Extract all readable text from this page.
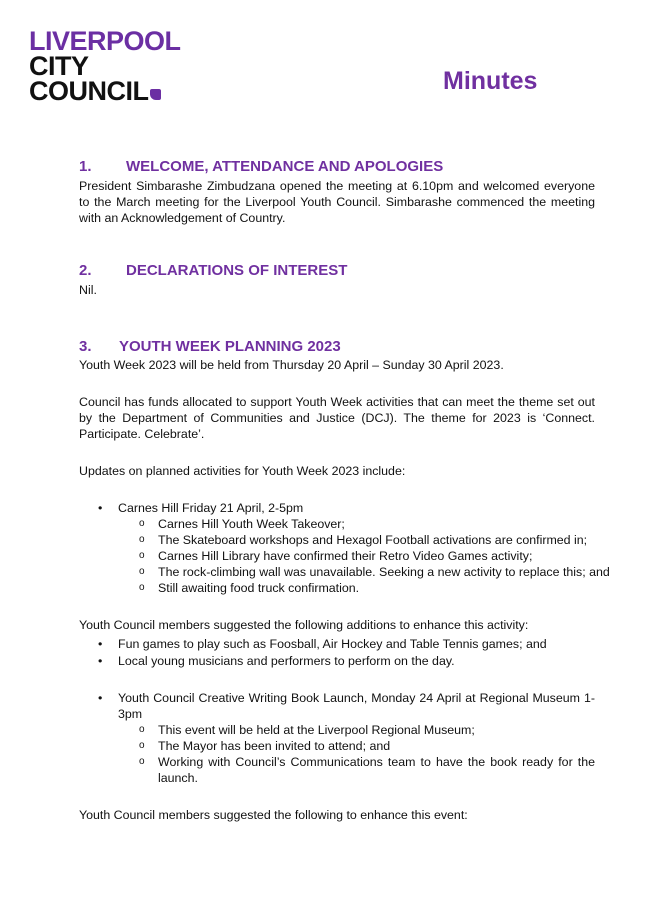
LIVERPOOL
CITY
COUNCIL	Minutes
1. WELCOME, ATTENDANCE AND APOLOGIES

President Simbarashe Zimbudzana opened the meeting at 6.10pm and welcomed everyone to the March meeting for the Liverpool Youth Council. Simbarashe commenced the meeting with an Acknowledgement of Country.

2. DECLARATIONS OF INTEREST

Nil.

3. YOUTH WEEK PLANNING 2023

Youth Week 2023 will be held from Thursday 20 April – Sunday 30 April 2023.

Council has funds allocated to support Youth Week activities that can meet the theme set out by the Department of Communities and Justice (DCJ). The theme for 2023 is ‘Connect. Participate. Celebrate’.

Updates on planned activities for Youth Week 2023 include:

• Carnes Hill Friday 21 April, 2-5pm
o Carnes Hill Youth Week Takeover;
o The Skateboard workshops and Hexagol Football activations are confirmed in;
o Carnes Hill Library have confirmed their Retro Video Games activity;
o The rock-climbing wall was unavailable. Seeking a new activity to replace this; and
o Still awaiting food truck confirmation.

Youth Council members suggested the following additions to enhance this activity:

• Fun games to play such as Foosball, Air Hockey and Table Tennis games; and
• Local young musicians and performers to perform on the day.
• Youth Council Creative Writing Book Launch, Monday 24 April at Regional Museum 1-3pm
o This event will be held at the Liverpool Regional Museum;
o The Mayor has been invited to attend; and
o Working with Council’s Communications team to have the book ready for the launch.

Youth Council members suggested the following to enhance this event:
